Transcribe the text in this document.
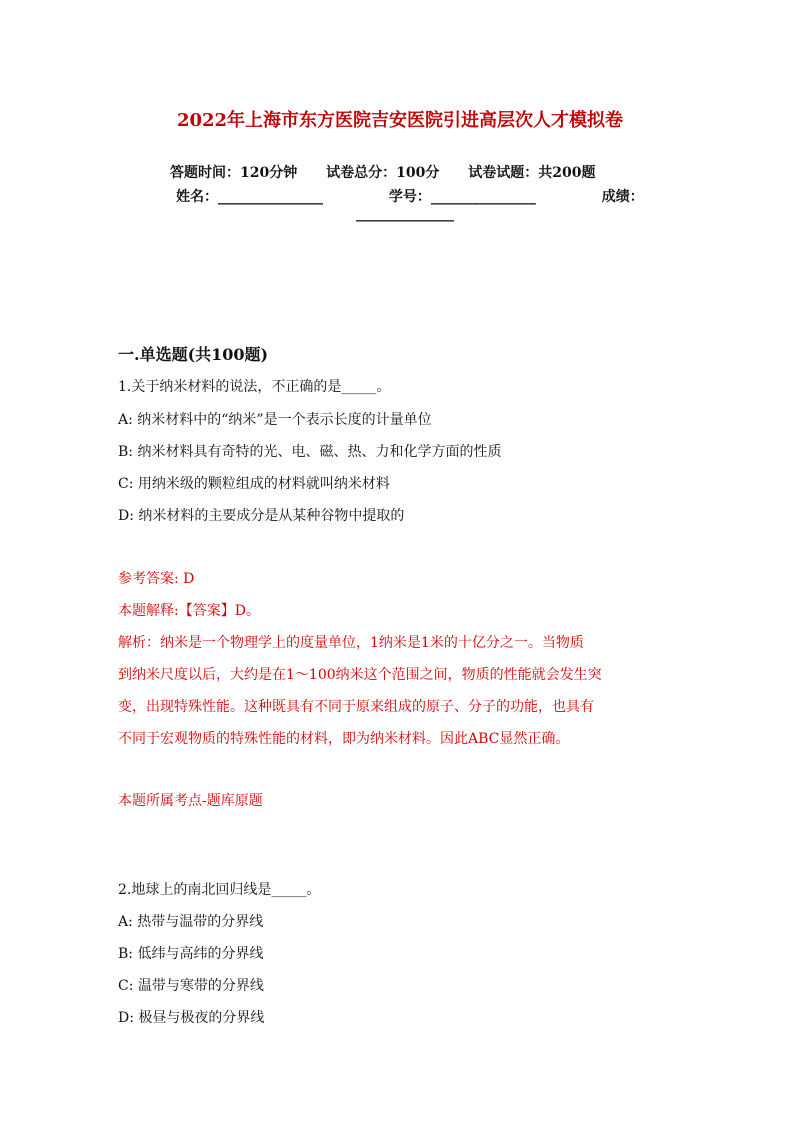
2022年上海市东方医院吉安医院引进高层次人才模拟卷
答题时间：120分钟 试卷总分：100分 试卷试题：共200题
姓名：_______________	学号：_______________	成绩：
______________
一.单选题(共100题)
1.关于纳米材料的说法，不正确的是_____。
A: 纳米材料中的“纳米”是一个表示长度的计量单位
B: 纳米材料具有奇特的光、电、磁、热、力和化学方面的性质
C: 用纳米级的颗粒组成的材料就叫纳米材料
D: 纳米材料的主要成分是从某种谷物中提取的
参考答案: D
本题解释:【答案】D。
解析：纳米是一个物理学上的度量单位，1纳米是1米的十亿分之一。当物质
到纳米尺度以后，大约是在1～100纳米这个范围之间，物质的性能就会发生突
变，出现特殊性能。这种既具有不同于原来组成的原子、分子的功能，也具有
不同于宏观物质的特殊性能的材料，即为纳米材料。因此ABC显然正确。
本题所属考点-题库原题
2.地球上的南北回归线是_____。
A: 热带与温带的分界线
B: 低纬与高纬的分界线
C: 温带与寒带的分界线
D: 极昼与极夜的分界线
